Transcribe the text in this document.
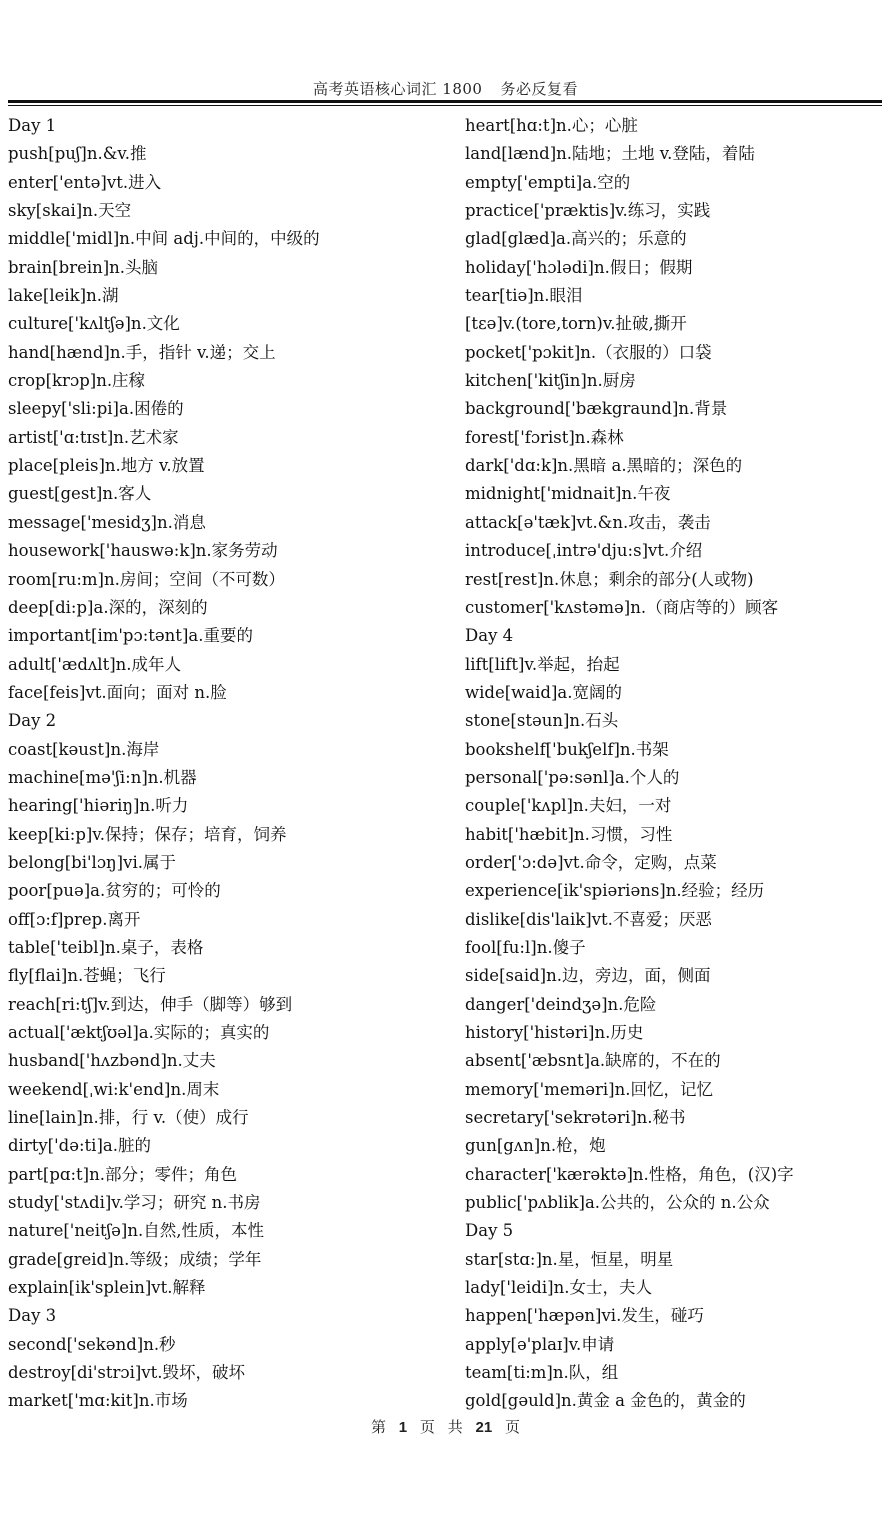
高考英语核心词汇 1800 务必反复看
Day 1
push[puʃ]n.&v.推
enter['entə]vt.进入
sky[skai]n.天空
middle['midl]n.中间 adj.中间的，中级的
brain[brein]n.头脑
lake[leik]n.湖
culture['kʌltʃə]n.文化
hand[hænd]n.手，指针 v.递；交上
crop[krɔp]n.庄稼
sleepy['sli:pi]a.困倦的
artist['ɑ:tɪst]n.艺术家
place[pleis]n.地方 v.放置
guest[gest]n.客人
message['mesidʒ]n.消息
housework['hauswə:k]n.家务劳动
room[ru:m]n.房间；空间（不可数）
deep[di:p]a.深的，深刻的
important[im'pɔ:tənt]a.重要的
adult['ædʌlt]n.成年人
face[feis]vt.面向；面对 n.脸
Day 2
coast[kəust]n.海岸
machine[mə'ʃi:n]n.机器
hearing['hiəriŋ]n.听力
keep[ki:p]v.保持；保存；培育，饲养
belong[bi'lɔŋ]vi.属于
poor[puə]a.贫穷的；可怜的
off[ɔ:f]prep.离开
table['teibl]n.桌子，表格
fly[flai]n.苍蝇；飞行
reach[ri:tʃ]v.到达，伸手（脚等）够到
actual['æktʃʊəl]a.实际的；真实的
husband['hʌzbənd]n.丈夫
weekend[ˌwi:k'end]n.周末
line[lain]n.排，行 v.（使）成行
dirty['də:ti]a.脏的
part[pɑ:t]n.部分；零件；角色
study['stʌdi]v.学习；研究 n.书房
nature['neitʃə]n.自然,性质，本性
grade[greid]n.等级；成绩；学年
explain[ik'splein]vt.解释
Day 3
second['sekənd]n.秒
destroy[di'strɔi]vt.毁坏，破坏
market['mɑ:kit]n.市场
heart[hɑ:t]n.心；心脏
land[lænd]n.陆地；土地 v.登陆，着陆
empty['empti]a.空的
practice['præktis]v.练习，实践
glad[glæd]a.高兴的；乐意的
holiday['hɔlədi]n.假日；假期
tear[tiə]n.眼泪
[tεə]v.(tore,torn)v.扯破,撕开
pocket['pɔkit]n.（衣服的）口袋
kitchen['kitʃin]n.厨房
background['bækgraund]n.背景
forest['fɔrist]n.森林
dark['dɑ:k]n.黑暗 a.黑暗的；深色的
midnight['midnait]n.午夜
attack[ə'tæk]vt.&n.攻击，袭击
introduce[ˌintrə'dju:s]vt.介绍
rest[rest]n.休息；剩余的部分(人或物)
customer['kʌstəmə]n.（商店等的）顾客
Day 4
lift[lift]v.举起，抬起
wide[waid]a.宽阔的
stone[stəun]n.石头
bookshelf['bukʃelf]n.书架
personal['pə:sənl]a.个人的
couple['kʌpl]n.夫妇，一对
habit['hæbit]n.习惯，习性
order['ɔ:də]vt.命令，定购，点菜
experience[ik'spiəriəns]n.经验；经历
dislike[dis'laik]vt.不喜爱；厌恶
fool[fu:l]n.傻子
side[said]n.边，旁边，面，侧面
danger['deindʒə]n.危险
history['histəri]n.历史
absent['æbsnt]a.缺席的，不在的
memory['meməri]n.回忆，记忆
secretary['sekrətəri]n.秘书
gun[gʌn]n.枪，炮
character['kærəktə]n.性格，角色，(汉)字
public['pʌblik]a.公共的，公众的 n.公众
Day 5
star[stɑ:]n.星，恒星，明星
lady['leidi]n.女士，夫人
happen['hæpən]vi.发生，碰巧
apply[ə'plaɪ]v.申请
team[ti:m]n.队，组
gold[gəuld]n.黄金 a 金色的，黄金的
第 1 页 共 21 页
